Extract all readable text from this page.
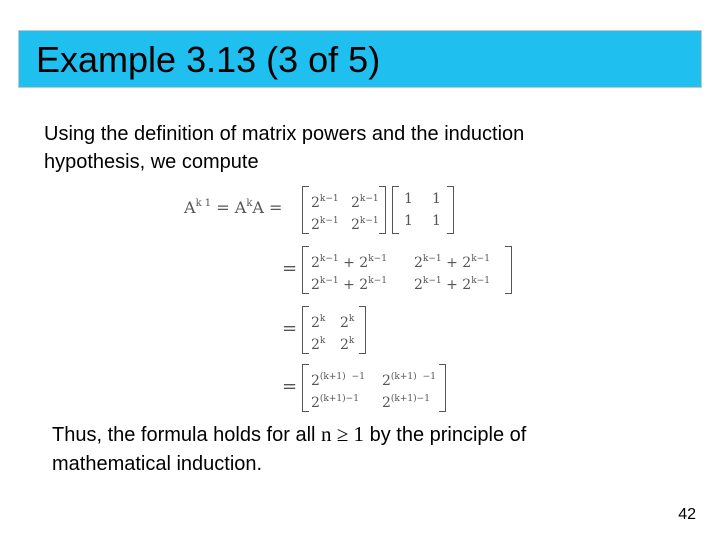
Example 3.13 (3 of 5)
Using the definition of matrix powers and the induction
hypothesis, we compute
$A^{k 1} = A^kA = 2^{k-1}$ $2^{k-1}$
$2^{k-1}$ $2^{k-1}$
1 1
1 1
= $2^{k-1} + 2^{k-1}$ $2^{k-1} + 2^{k-1}$
$2^{k-1} + 2^{k-1}$ $2^{k-1} + 2^{k-1}$
= $2^k$ 2$^k$
2$^k$ $2^k$
= $2^{(k+1)}$ $^{-1}$ $2^{(k+1)}$ $^{-1}$
$2^{(k+1)-1}$ $2^{(k+1)-1}$
Thus, the formula holds for all n ≥ 1 by the principle of
mathematical induction.
42
